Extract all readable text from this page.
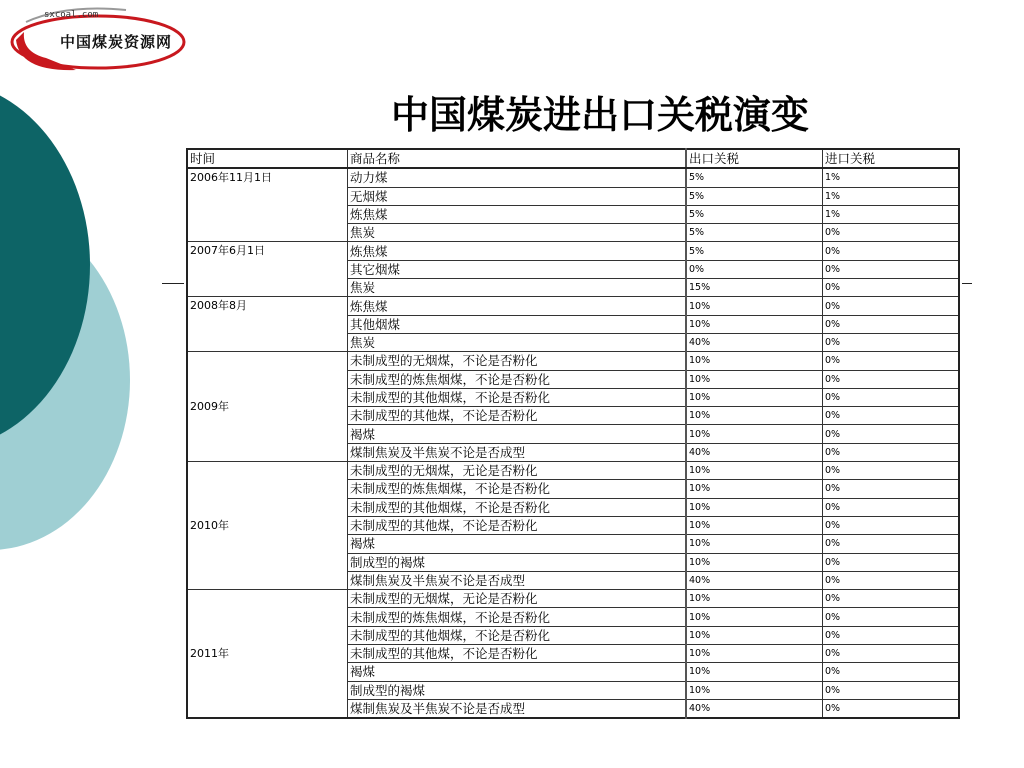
sxcoal.com
中国煤炭资源网
中国煤炭进出口关税演变
时间	商品名称	出口关税	进口关税
2006年11月1日	动力煤	5%	1%
	无烟煤	5%	1%
	炼焦煤	5%	1%
	焦炭	5%	0%
2007年6月1日	炼焦煤	5%	0%
	其它烟煤	0%	0%
	焦炭	15%	0%
2008年8月	炼焦煤	10%	0%
	其他烟煤	10%	0%
	焦炭	40%	0%
2009年	未制成型的无烟煤，不论是否粉化	10%	0%
	未制成型的炼焦烟煤，不论是否粉化	10%	0%
	未制成型的其他烟煤，不论是否粉化	10%	0%
	未制成型的其他煤，不论是否粉化	10%	0%
	褐煤	10%	0%
	煤制焦炭及半焦炭不论是否成型	40%	0%
2010年	未制成型的无烟煤，无论是否粉化	10%	0%
	未制成型的炼焦烟煤，不论是否粉化	10%	0%
	未制成型的其他烟煤，不论是否粉化	10%	0%
	未制成型的其他煤，不论是否粉化	10%	0%
	褐煤	10%	0%
	制成型的褐煤	10%	0%
	煤制焦炭及半焦炭不论是否成型	40%	0%
2011年	未制成型的无烟煤，无论是否粉化	10%	0%
	未制成型的炼焦烟煤，不论是否粉化	10%	0%
	未制成型的其他烟煤，不论是否粉化	10%	0%
	未制成型的其他煤，不论是否粉化	10%	0%
	褐煤	10%	0%
	制成型的褐煤	10%	0%
	煤制焦炭及半焦炭不论是否成型	40%	0%
